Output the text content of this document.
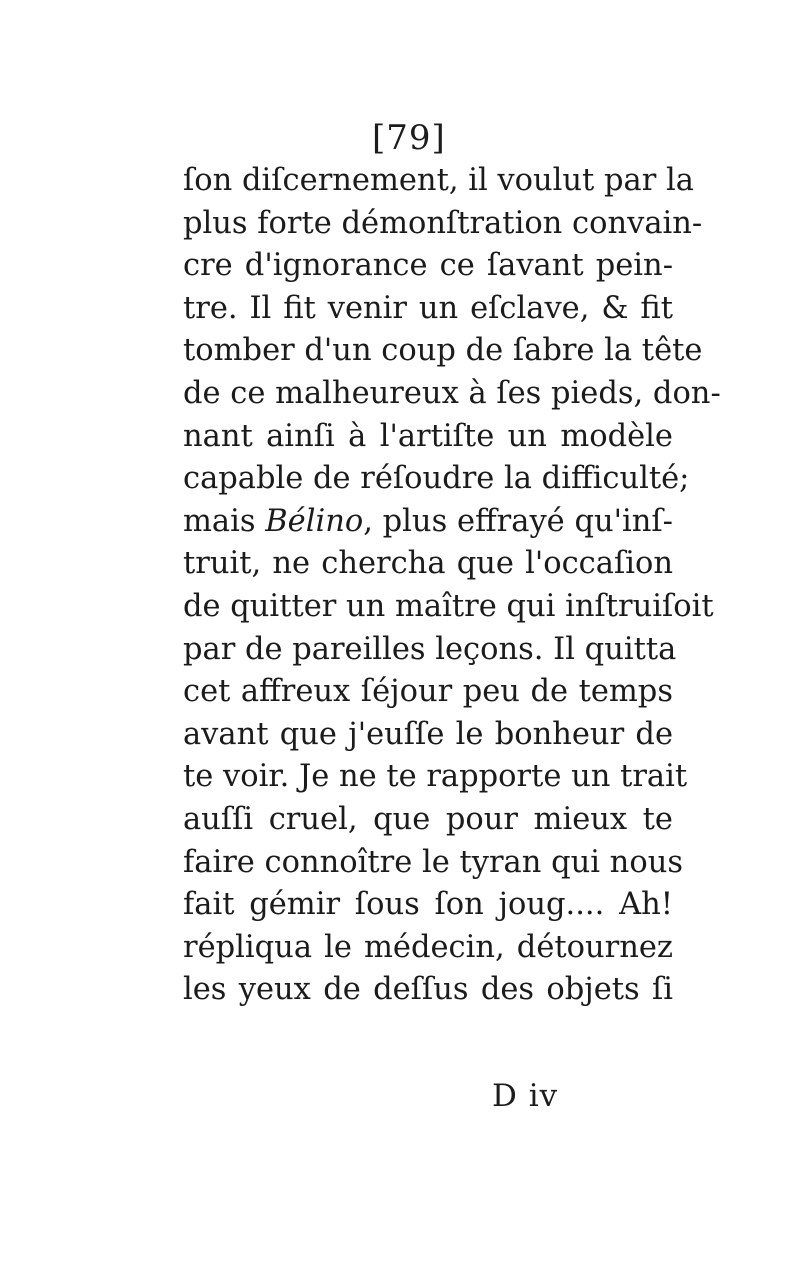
[79]
ſon diſcernement, il voulut par la
plus forte démonſtration convain-
cre d'ignorance ce ſavant pein-
tre. Il fit venir un eſclave, & fit
tomber d'un coup de ſabre la tête
de ce malheureux à ſes pieds, don-
nant ainſi à l'artiſte un modèle
capable de réſoudre la difficulté;
mais Bélino, plus effrayé qu'inſ-
truit, ne chercha que l'occaſion
de quitter un maître qui inſtruiſoit
par de pareilles leçons. Il quitta
cet affreux ſéjour peu de temps
avant que j'euſſe le bonheur de
te voir. Je ne te rapporte un trait
auſſi cruel, que pour mieux te
faire connoître le tyran qui nous
fait gémir ſous ſon joug.... Ah!
répliqua le médecin, détournez
les yeux de deſſus des objets ſi
D iv
